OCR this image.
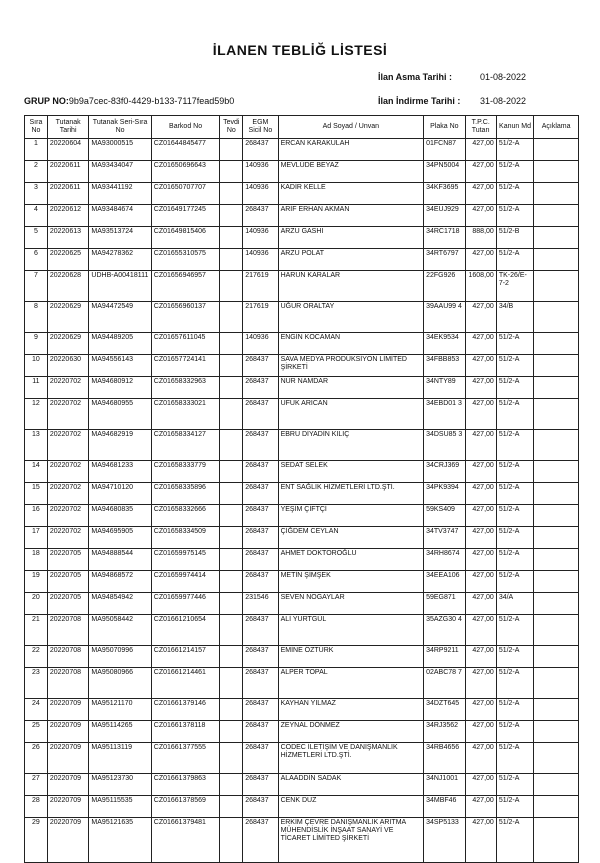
İLANEN TEBLİĞ LİSTESİ
İlan Asma Tarihi :	01-08-2022
GRUP NO:9b9a7cec-83f0-4429-b133-7117fead59b0	İlan İndirme Tarihi : 31-08-2022
Sıra No	Tutanak Tarihi	Tutanak Seri-Sıra No	Barkod No	Tevdi No	EGM Sicil No	Ad Soyad / Unvan	Plaka No	T.P.C. Tutarı	Kanun Md	Açıklama
1	20220604	MA93000515	CZ01644845477		268437	ERCAN KARAKULAH	01FCN87	427,00	51/2-A	
2	20220611	MA93434047	CZ01650696643		140936	MEVLÜDE BEYAZ	34PN5004	427,00	51/2-A	
3	20220611	MA93441192	CZ01650707707		140936	KADİR KELLE	34KF3695	427,00	51/2-A	
4	20220612	MA93484674	CZ01649177245		268437	ARİF ERHAN AKMAN	34EUJ929	427,00	51/2-A	
5	20220613	MA93513724	CZ01649815406		140936	ARZU GASHI	34RC1718	888,00	51/2-B	
6	20220625	MA94278362	CZ01655310575		140936	ARZU POLAT	34RT6797	427,00	51/2-A	
7	20220628	UDHB-A00418111	CZ01656946957		217619	HARUN KARALAR	22FG926	1608,00	TK-26/E-7-2	
8	20220629	MA94472549	CZ01656960137		217619	UĞUR ORALTAY	39AAU99 4	427,00	34/B	
9	20220629	MA94489205	CZ01657611045		140936	ENGİN KOCAMAN	34EK9534	427,00	51/2-A	
10	20220630	MA94556143	CZ01657724141		268437	SAVA MEDYA PRODÜKSİYON LİMİTED ŞİRKETİ	34FBB853	427,00	51/2-A	
11	20220702	MA94680912	CZ01658332963		268437	NUR NAMDAR	34NTY89	427,00	51/2-A	
12	20220702	MA94680955	CZ01658333021		268437	UFUK ARICAN	34EBD01 3	427,00	51/2-A	
13	20220702	MA94682919	CZ01658334127		268437	EBRU DİYADİN KILIÇ	34DSU85 3	427,00	51/2-A	
14	20220702	MA94681233	CZ01658333779		268437	SEDAT SELEK	34CRJ369	427,00	51/2-A	
15	20220702	MA94710120	CZ01658335896		268437	ENT SAĞLIK HİZMETLERİ LTD.ŞTİ.	34PK9394	427,00	51/2-A	
16	20220702	MA94680835	CZ01658332666		268437	YEŞİM ÇİFTÇİ	59KS409	427,00	51/2-A	
17	20220702	MA94695905	CZ01658334509		268437	ÇİĞDEM CEYLAN	34TV3747	427,00	51/2-A	
18	20220705	MA94888544	CZ01659975145		268437	AHMET DOKTOROĞLU	34RH8674	427,00	51/2-A	
19	20220705	MA94868572	CZ01659974414		268437	METİN ŞİMŞEK	34EEA106	427,00	51/2-A	
20	20220705	MA94854942	CZ01659977446		231546	SEVEN NOGAYLAR	59EG871	427,00	34/A	
21	20220708	MA95058442	CZ01661210654		268437	ALİ YURTGÜL	35AZG30 4	427,00	51/2-A	
22	20220708	MA95070996	CZ01661214157		268437	EMİNE ÖZTÜRK	34RP9211	427,00	51/2-A	
23	20220708	MA95080966	CZ01661214461		268437	ALPER TOPAL	02ABC78 7	427,00	51/2-A	
24	20220709	MA95121170	CZ01661379146		268437	KAYHAN YILMAZ	34DZT645	427,00	51/2-A	
25	20220709	MA95114265	CZ01661378118		268437	ZEYNAL DÖNMEZ	34RJ3562	427,00	51/2-A	
26	20220709	MA95113119	CZ01661377555		268437	CODEC İLETİŞİM VE DANIŞMANLIK HİZMETLERİ LTD.ŞTİ.	34RB4656	427,00	51/2-A	
27	20220709	MA95123730	CZ01661379863		268437	ALAADDİN SADAK	34NJ1001	427,00	51/2-A	
28	20220709	MA95115535	CZ01661378569		268437	CENK DUZ	34MBF46	427,00	51/2-A	
29	20220709	MA95121635	CZ01661379481		268437	ERKİM ÇEVRE DANIŞMANLIK ARITMA MÜHENDİSLİK İNŞAAT SANAYİ VE TİCARET LİMİTED ŞİRKETİ	34SP5133	427,00	51/2-A	
